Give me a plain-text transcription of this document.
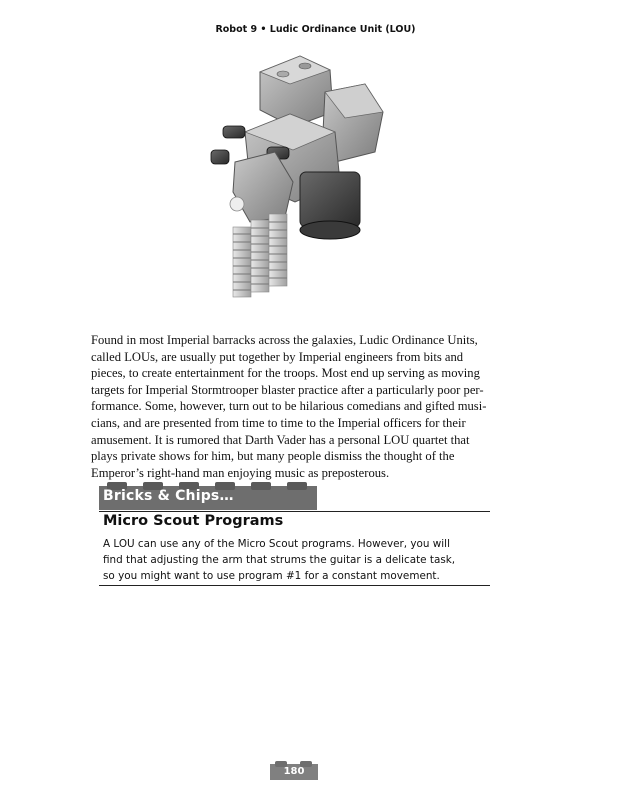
Robot 9 • Ludic Ordinance Unit (LOU)
Found in most Imperial barracks across the galaxies, Ludic Ordinance Units,
called LOUs, are usually put together by Imperial engineers from bits and
pieces, to create entertainment for the troops. Most end up serving as moving
targets for Imperial Stormtrooper blaster practice after a particularly poor per-
formance. Some, however, turn out to be hilarious comedians and gifted musi-
cians, and are presented from time to time to the Imperial officers for their
amusement. It is rumored that Darth Vader has a personal LOU quartet that
plays private shows for him, but many people dismiss the thought of the
Emperor’s right-hand man enjoying music as preposterous.
Bricks & Chips…
Micro Scout Programs
A LOU can use any of the Micro Scout programs. However, you will
find that adjusting the arm that strums the guitar is a delicate task,
so you might want to use program #1 for a constant movement.
180
